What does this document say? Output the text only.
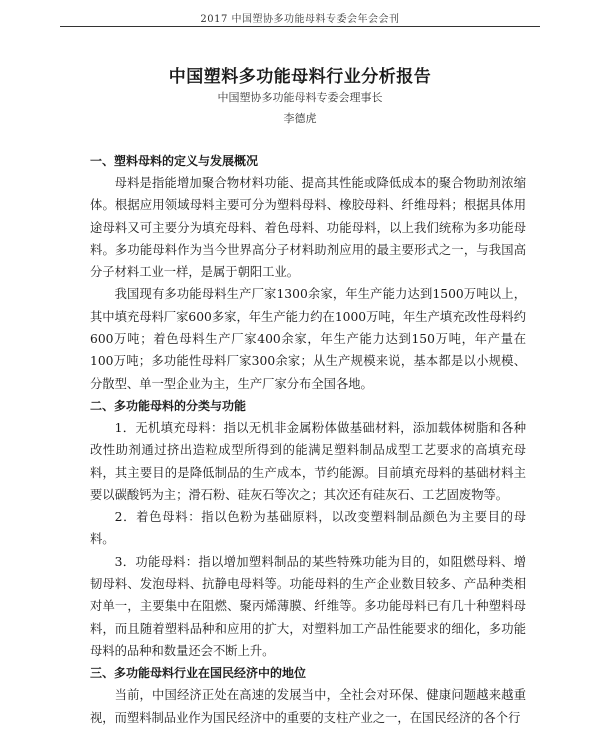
2017 中国塑协多功能母料专委会年会会刊
中国塑料多功能母料行业分析报告
中国塑协多功能母料专委会理事长
李德虎
一、塑料母料的定义与发展概况

母料是指能增加聚合物材料功能、提高其性能或降低成本的聚合物助剂浓缩体。根据应用领域母料主要可分为塑料母料、橡胶母料、纤维母料；根据具体用途母料又可主要分为填充母料、着色母料、功能母料，以上我们统称为多功能母料。多功能母料作为当今世界高分子材料助剂应用的最主要形式之一，与我国高分子材料工业一样，是属于朝阳工业。

我国现有多功能母料生产厂家1300余家，年生产能力达到1500万吨以上，其中填充母料厂家600多家，年生产能力约在1000万吨，年生产填充改性母料约600万吨；着色母料生产厂家400余家，年生产能力达到150万吨，年产量在100万吨；多功能性母料厂家300余家；从生产规模来说，基本都是以小规模、分散型、单一型企业为主，生产厂家分布全国各地。

二、多功能母料的分类与功能

1．无机填充母料：指以无机非金属粉体做基础材料，添加载体树脂和各种改性助剂通过挤出造粒成型所得到的能满足塑料制品成型工艺要求的高填充母料，其主要目的是降低制品的生产成本，节约能源。目前填充母料的基础材料主要以碳酸钙为主；滑石粉、硅灰石等次之；其次还有硅灰石、工艺固废物等。

2．着色母料：指以色粉为基础原料，以改变塑料制品颜色为主要目的母料。

3．功能母料：指以增加塑料制品的某些特殊功能为目的，如阻燃母料、增韧母料、发泡母料、抗静电母料等。功能母料的生产企业数目较多、产品种类相对单一，主要集中在阻燃、聚丙烯薄膜、纤维等。多功能母料已有几十种塑料母料，而且随着塑料品种和应用的扩大，对塑料加工产品性能要求的细化，多功能母料的品种和数量还会不断上升。

三、多功能母料行业在国民经济中的地位

当前，中国经济正处在高速的发展当中，全社会对环保、健康问题越来越重视，而塑料制品业作为国民经济中的重要的支柱产业之一，在国民经济的各个行
